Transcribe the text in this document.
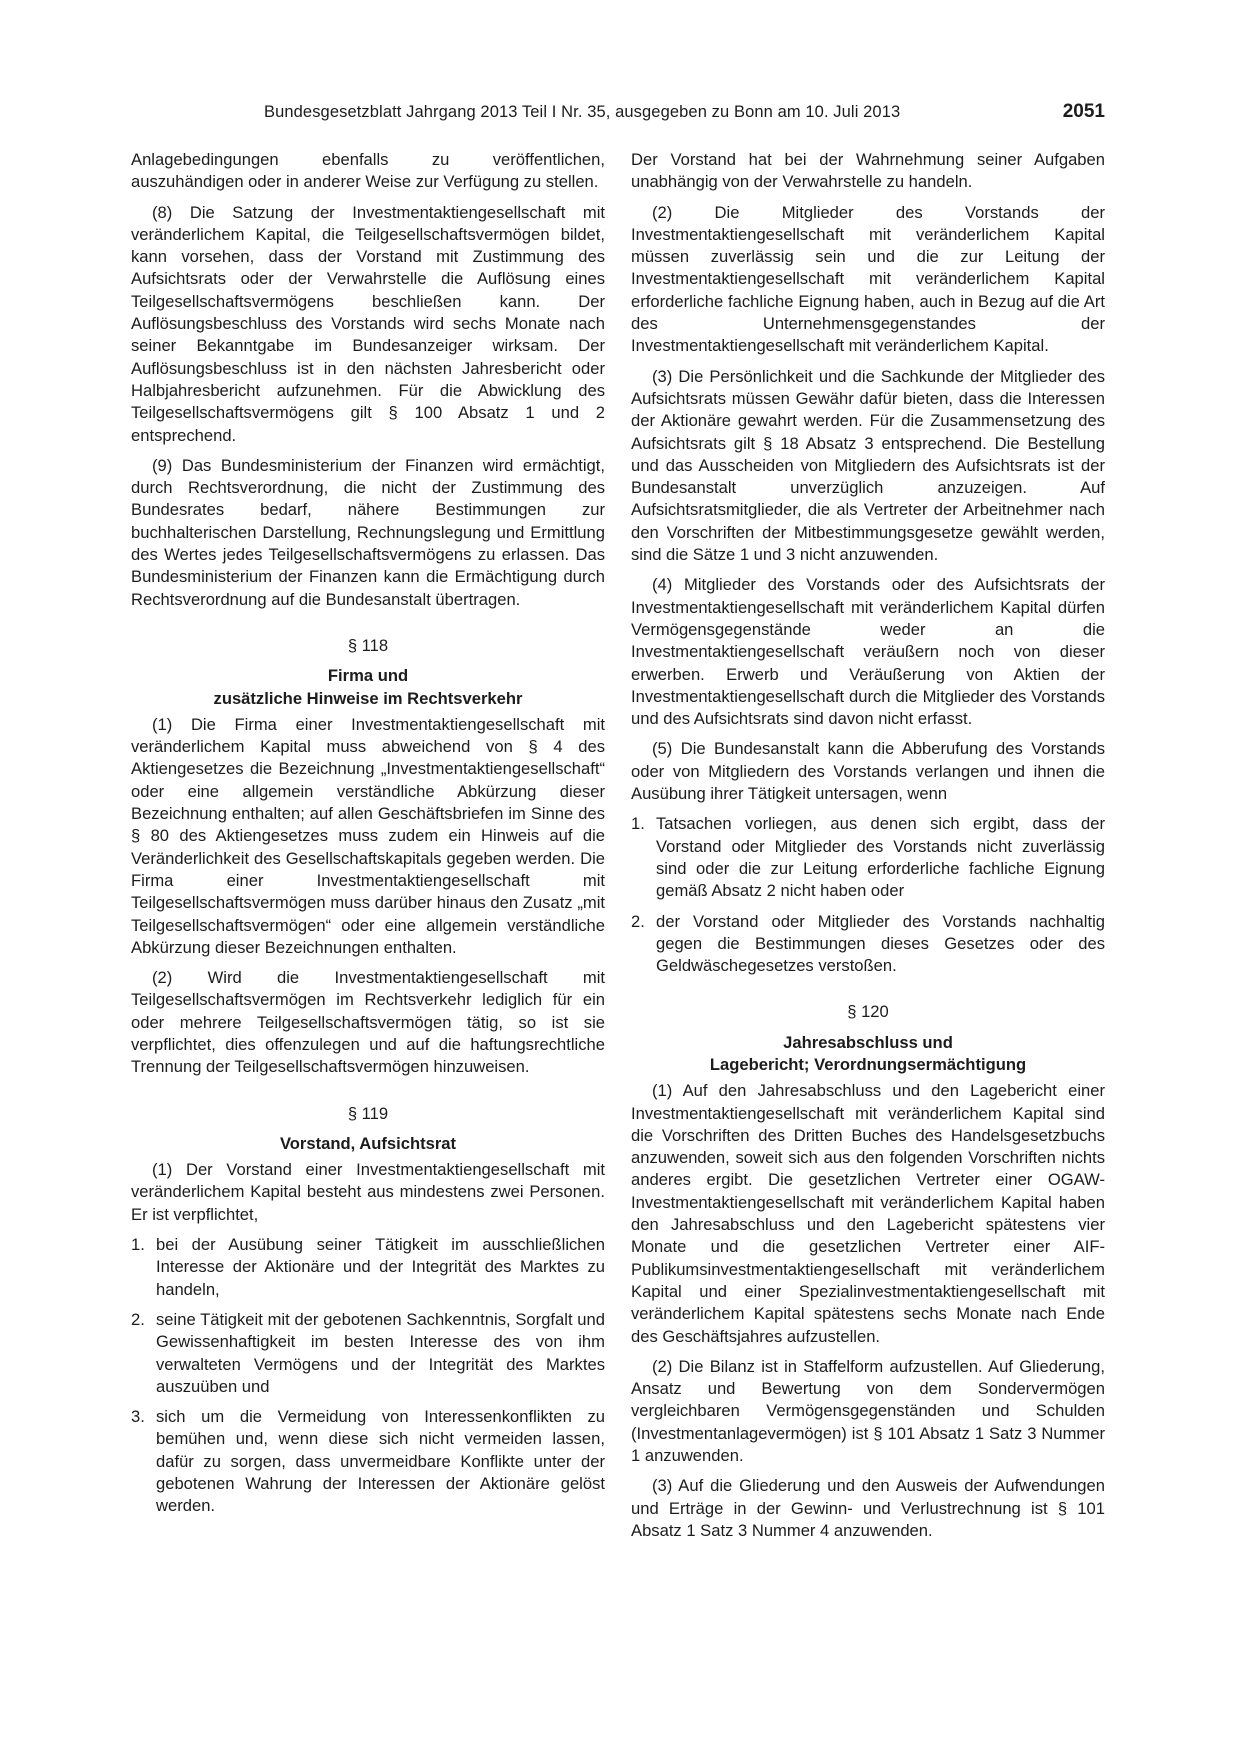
Bundesgesetzblatt Jahrgang 2013 Teil I Nr. 35, ausgegeben zu Bonn am 10. Juli 2013	2051

Anlagebedingungen ebenfalls zu veröffentlichen, auszuhändigen oder in anderer Weise zur Verfügung zu stellen.

(8) Die Satzung der Investmentaktiengesellschaft mit veränderlichem Kapital, die Teilgesellschaftsvermögen bildet, kann vorsehen, dass der Vorstand mit Zustimmung des Aufsichtsrats oder der Verwahrstelle die Auflösung eines Teilgesellschaftsvermögens beschließen kann. Der Auflösungsbeschluss des Vorstands wird sechs Monate nach seiner Bekanntgabe im Bundesanzeiger wirksam. Der Auflösungsbeschluss ist in den nächsten Jahresbericht oder Halbjahresbericht aufzunehmen. Für die Abwicklung des Teilgesellschaftsvermögens gilt § 100 Absatz 1 und 2 entsprechend.

(9) Das Bundesministerium der Finanzen wird ermächtigt, durch Rechtsverordnung, die nicht der Zustimmung des Bundesrates bedarf, nähere Bestimmungen zur buchhalterischen Darstellung, Rechnungslegung und Ermittlung des Wertes jedes Teilgesellschaftsvermögens zu erlassen. Das Bundesministerium der Finanzen kann die Ermächtigung durch Rechtsverordnung auf die Bundesanstalt übertragen.

§ 118
Firma und
zusätzliche Hinweise im Rechtsverkehr

(1) Die Firma einer Investmentaktiengesellschaft mit veränderlichem Kapital muss abweichend von § 4 des Aktiengesetzes die Bezeichnung „Investmentaktiengesellschaft“ oder eine allgemein verständliche Abkürzung dieser Bezeichnung enthalten; auf allen Geschäftsbriefen im Sinne des § 80 des Aktiengesetzes muss zudem ein Hinweis auf die Veränderlichkeit des Gesellschaftskapitals gegeben werden. Die Firma einer Investmentaktiengesellschaft mit Teilgesellschaftsvermögen muss darüber hinaus den Zusatz „mit Teilgesellschaftsvermögen“ oder eine allgemein verständliche Abkürzung dieser Bezeichnungen enthalten.

(2) Wird die Investmentaktiengesellschaft mit Teilgesellschaftsvermögen im Rechtsverkehr lediglich für ein oder mehrere Teilgesellschaftsvermögen tätig, so ist sie verpflichtet, dies offenzulegen und auf die haftungsrechtliche Trennung der Teilgesellschaftsvermögen hinzuweisen.

§ 119
Vorstand, Aufsichtsrat

(1) Der Vorstand einer Investmentaktiengesellschaft mit veränderlichem Kapital besteht aus mindestens zwei Personen. Er ist verpflichtet,

1. bei der Ausübung seiner Tätigkeit im ausschließlichen Interesse der Aktionäre und der Integrität des Marktes zu handeln,
2. seine Tätigkeit mit der gebotenen Sachkenntnis, Sorgfalt und Gewissenhaftigkeit im besten Interesse des von ihm verwalteten Vermögens und der Integrität des Marktes auszuüben und
3. sich um die Vermeidung von Interessenkonflikten zu bemühen und, wenn diese sich nicht vermeiden lassen, dafür zu sorgen, dass unvermeidbare Konflikte unter der gebotenen Wahrung der Interessen der Aktionäre gelöst werden.

Der Vorstand hat bei der Wahrnehmung seiner Aufgaben unabhängig von der Verwahrstelle zu handeln.

(2) Die Mitglieder des Vorstands der Investmentaktiengesellschaft mit veränderlichem Kapital müssen zuverlässig sein und die zur Leitung der Investmentaktiengesellschaft mit veränderlichem Kapital erforderliche fachliche Eignung haben, auch in Bezug auf die Art des Unternehmensgegenstandes der Investmentaktiengesellschaft mit veränderlichem Kapital.

(3) Die Persönlichkeit und die Sachkunde der Mitglieder des Aufsichtsrats müssen Gewähr dafür bieten, dass die Interessen der Aktionäre gewahrt werden. Für die Zusammensetzung des Aufsichtsrats gilt § 18 Absatz 3 entsprechend. Die Bestellung und das Ausscheiden von Mitgliedern des Aufsichtsrats ist der Bundesanstalt unverzüglich anzuzeigen. Auf Aufsichtsratsmitglieder, die als Vertreter der Arbeitnehmer nach den Vorschriften der Mitbestimmungsgesetze gewählt werden, sind die Sätze 1 und 3 nicht anzuwenden.

(4) Mitglieder des Vorstands oder des Aufsichtsrats der Investmentaktiengesellschaft mit veränderlichem Kapital dürfen Vermögensgegenstände weder an die Investmentaktiengesellschaft veräußern noch von dieser erwerben. Erwerb und Veräußerung von Aktien der Investmentaktiengesellschaft durch die Mitglieder des Vorstands und des Aufsichtsrats sind davon nicht erfasst.

(5) Die Bundesanstalt kann die Abberufung des Vorstands oder von Mitgliedern des Vorstands verlangen und ihnen die Ausübung ihrer Tätigkeit untersagen, wenn

1. Tatsachen vorliegen, aus denen sich ergibt, dass der Vorstand oder Mitglieder des Vorstands nicht zuverlässig sind oder die zur Leitung erforderliche fachliche Eignung gemäß Absatz 2 nicht haben oder
2. der Vorstand oder Mitglieder des Vorstands nachhaltig gegen die Bestimmungen dieses Gesetzes oder des Geldwäschegesetzes verstoßen.
§ 120
Jahresabschluss und
Lagebericht; Verordnungsermächtigung

(1) Auf den Jahresabschluss und den Lagebericht einer Investmentaktiengesellschaft mit veränderlichem Kapital sind die Vorschriften des Dritten Buches des Handelsgesetzbuchs anzuwenden, soweit sich aus den folgenden Vorschriften nichts anderes ergibt. Die gesetzlichen Vertreter einer OGAW-Investmentaktiengesellschaft mit veränderlichem Kapital haben den Jahresabschluss und den Lagebericht spätestens vier Monate und die gesetzlichen Vertreter einer AIF-Publikumsinvestmentaktiengesellschaft mit veränderlichem Kapital und einer Spezialinvestmentaktiengesellschaft mit veränderlichem Kapital spätestens sechs Monate nach Ende des Geschäftsjahres aufzustellen.

(2) Die Bilanz ist in Staffelform aufzustellen. Auf Gliederung, Ansatz und Bewertung von dem Sondervermögen vergleichbaren Vermögensgegenständen und Schulden (Investmentanlagevermögen) ist § 101 Absatz 1 Satz 3 Nummer 1 anzuwenden.

(3) Auf die Gliederung und den Ausweis der Aufwendungen und Erträge in der Gewinn- und Verlustrechnung ist § 101 Absatz 1 Satz 3 Nummer 4 anzuwenden.
